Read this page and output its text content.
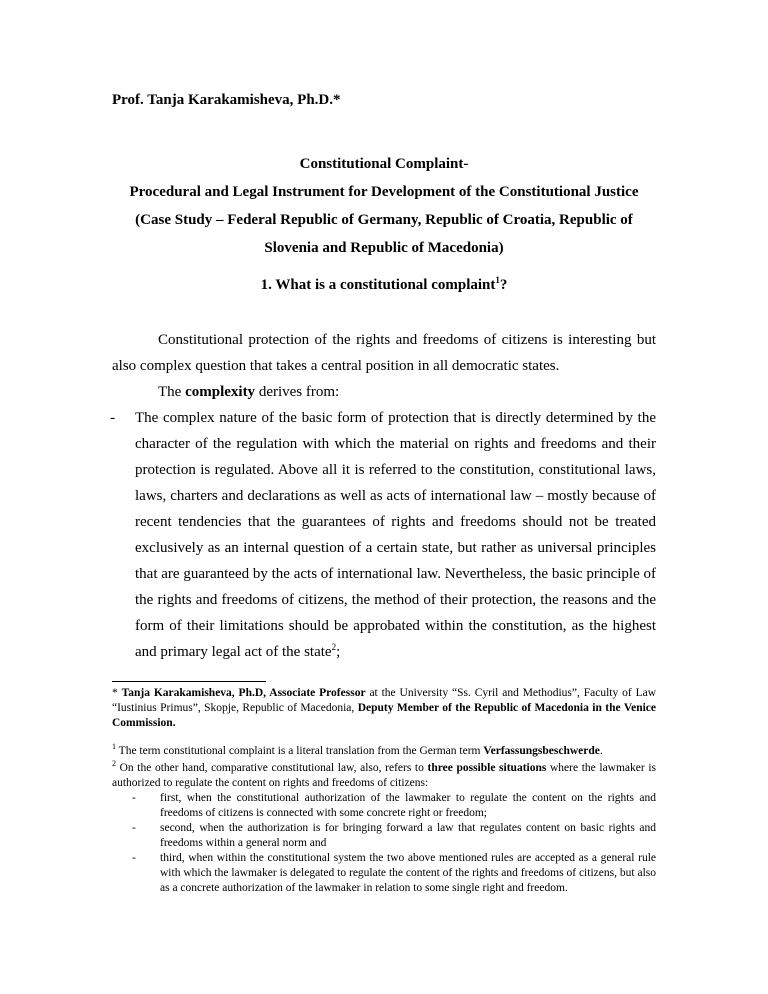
Prof. Tanja Karakamisheva, Ph.D.*
Constitutional Complaint-
Procedural and Legal Instrument for Development of the Constitutional Justice
(Case Study – Federal Republic of Germany, Republic of Croatia, Republic of
Slovenia and Republic of Macedonia)
1. What is a constitutional complaint$^1$?

Constitutional protection of the rights and freedoms of citizens is interesting but also complex question that takes a central position in all democratic states.

The complexity derives from:

- The complex nature of the basic form of protection that is directly determined by the character of the regulation with which the material on rights and freedoms and their protection is regulated. Above all it is referred to the constitution, constitutional laws, laws, charters and declarations as well as acts of international law – mostly because of recent tendencies that the guarantees of rights and freedoms should not be treated exclusively as an internal question of a certain state, but rather as universal principles that are guaranteed by the acts of international law. Nevertheless, the basic principle of the rights and freedoms of citizens, the method of their protection, the reasons and the form of their limitations should be approbated within the constitution, as the highest and primary legal act of the state$^2$;

* Tanja Karakamisheva, Ph.D, Associate Professor at the University “Ss. Cyril and Methodius”, Faculty of Law “Iustinius Primus”, Skopje, Republic of Macedonia, Deputy Member of the Republic of Macedonia in the Venice Commission.
$^1$ The term constitutional complaint is a literal translation from the German term Verfassungsbeschwerde.
$^2$ On the other hand, comparative constitutional law, also, refers to three possible situations where the lawmaker is authorized to regulate the content on rights and freedoms of citizens:
- first, when the constitutional authorization of the lawmaker to regulate the content on the rights and freedoms of citizens is connected with some concrete right or freedom;
- second, when the authorization is for bringing forward a law that regulates content on basic rights and freedoms within a general norm and
- third, when within the constitutional system the two above mentioned rules are accepted as a general rule with which the lawmaker is delegated to regulate the content of the rights and freedoms of citizens, but also as a concrete authorization of the lawmaker in relation to some single right and freedom.
